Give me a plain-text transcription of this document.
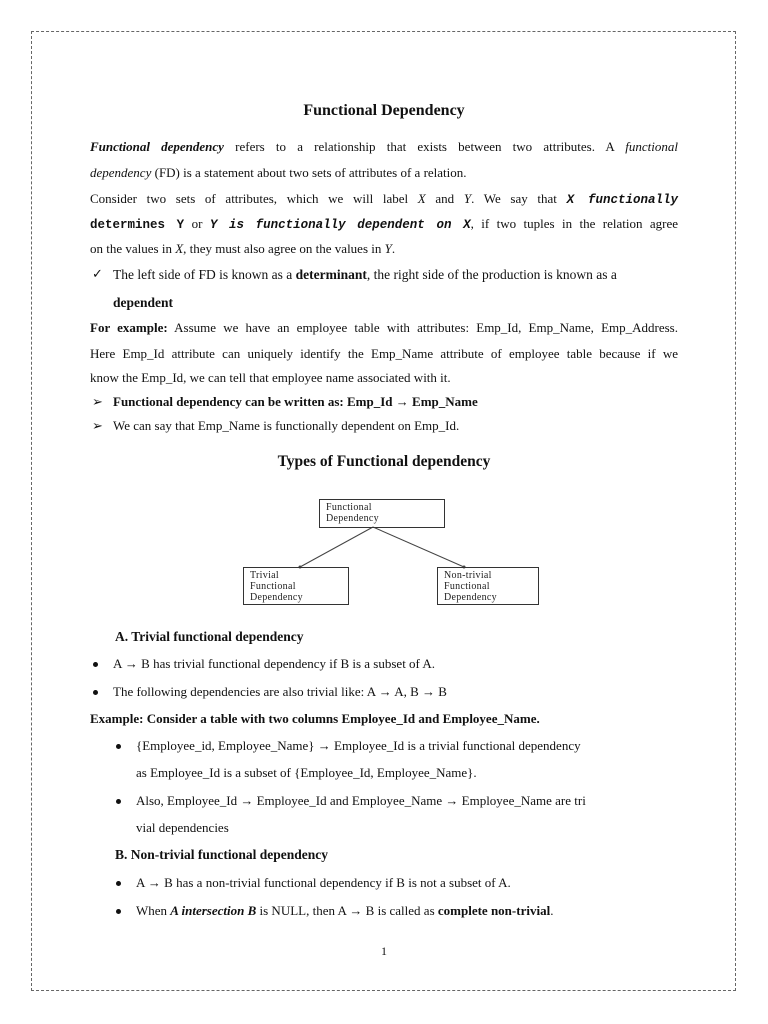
Functional Dependency
Functional dependency refers to a relationship that exists between two attributes. A functional
dependency (FD) is a statement about two sets of attributes of a relation.
Consider two sets of attributes, which we will label X and Y. We say that X functionally
determines Y or Y is functionally dependent on X, if two tuples in the relation agree
on the values in X, they must also agree on the values in Y.
✓ The left side of FD is known as a determinant, the right side of the production is known as a
dependent
For example: Assume we have an employee table with attributes: Emp_Id, Emp_Name, Emp_Address.
Here Emp_Id attribute can uniquely identify the Emp_Name attribute of employee table because if we
know the Emp_Id, we can tell that employee name associated with it.
➢ Functional dependency can be written as: Emp_Id → Emp_Name
➢ We can say that Emp_Name is functionally dependent on Emp_Id.
Types of Functional dependency
Functional
Dependency
Trivial
Functional
Dependency
Non-trivial
Functional
Dependency
A. Trivial functional dependency
A → B has trivial functional dependency if B is a subset of A.
The following dependencies are also trivial like: A → A, B → B
Example: Consider a table with two columns Employee_Id and Employee_Name.
{Employee_id, Employee_Name} → Employee_Id is a trivial functional dependency
as Employee_Id is a subset of {Employee_Id, Employee_Name}.
Also, Employee_Id → Employee_Id and Employee_Name → Employee_Name are tri
vial dependencies
B. Non-trivial functional dependency
A → B has a non-trivial functional dependency if B is not a subset of A.
When A intersection B is NULL, then A → B is called as complete non-trivial.
1
